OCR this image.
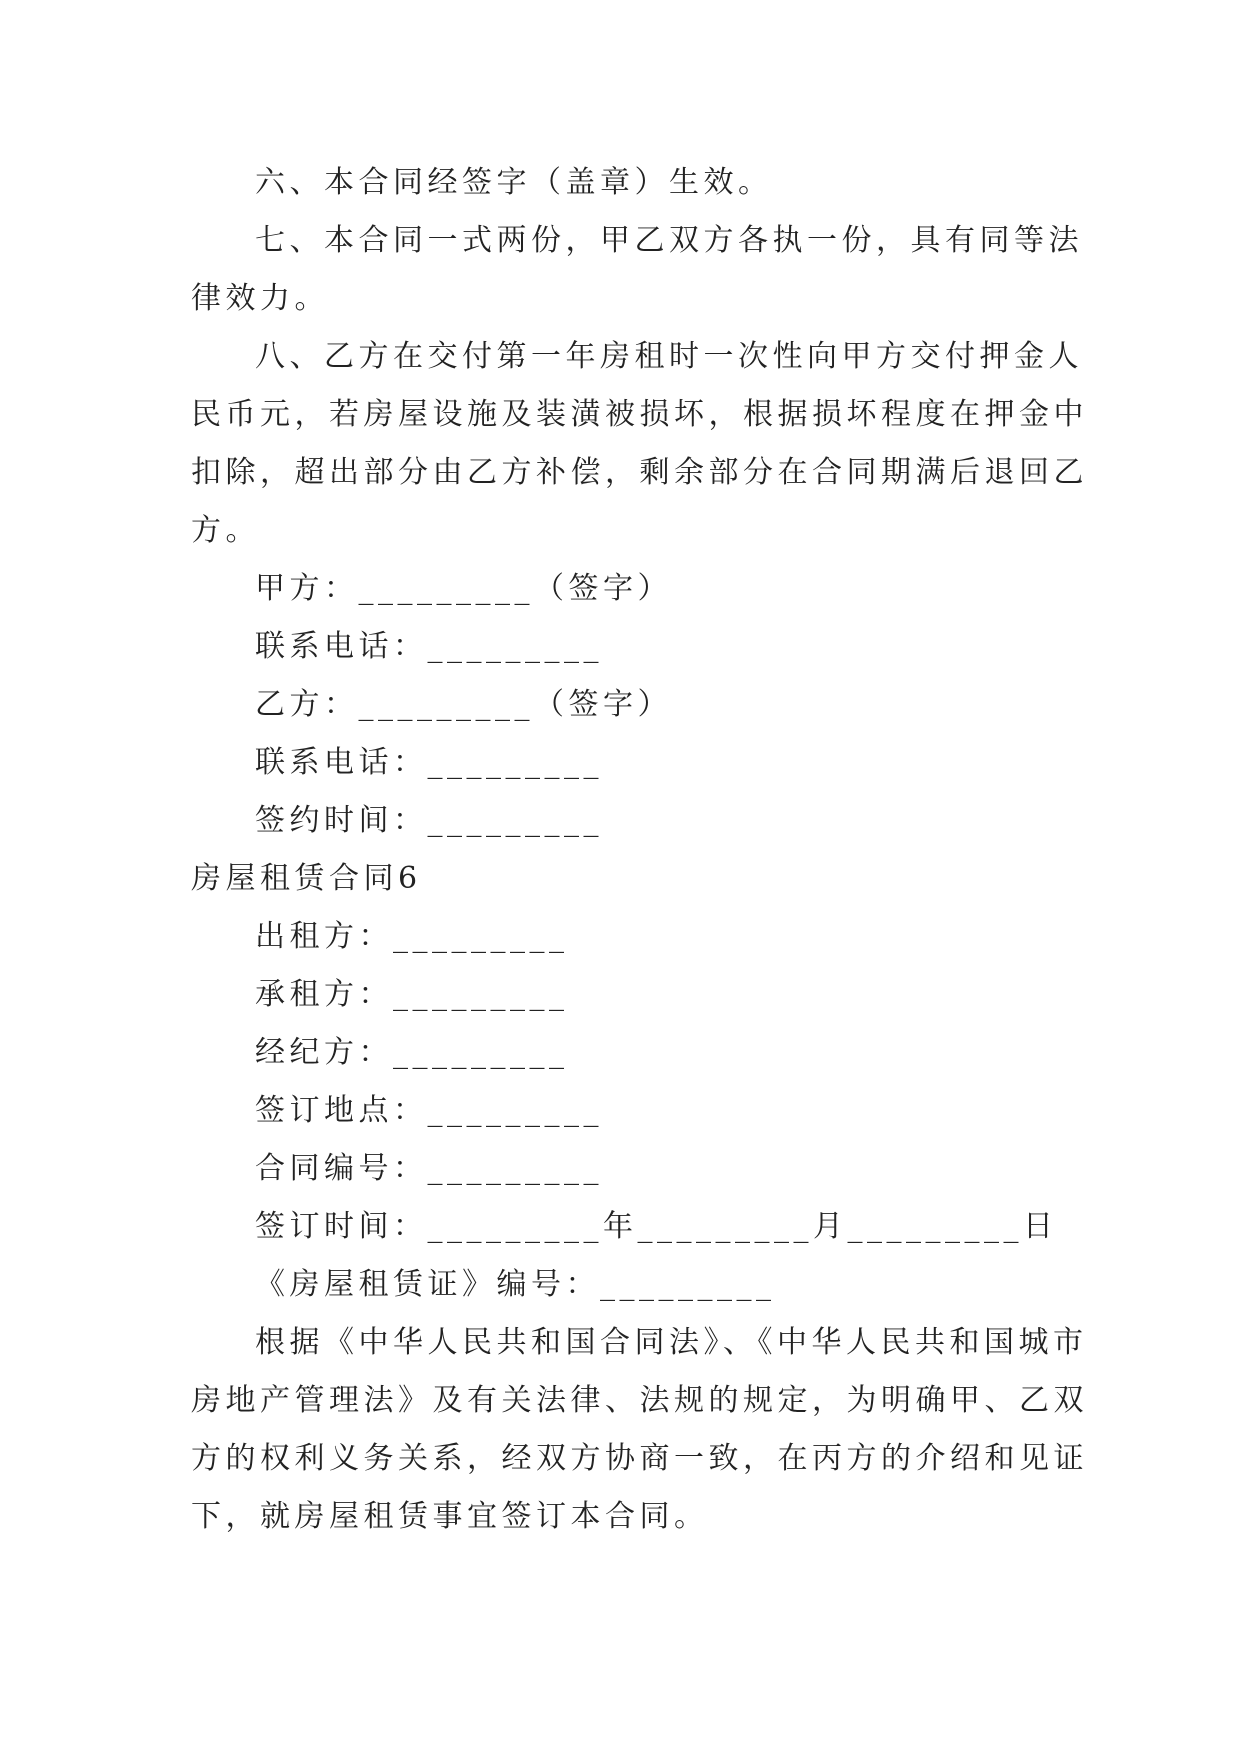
六、本合同经签字（盖章）生效。
七、本合同一式两份，甲乙双方各执一份，具有同等法
律效力。
八、乙方在交付第一年房租时一次性向甲方交付押金人
民币元，若房屋设施及装潢被损坏，根据损坏程度在押金中
扣除，超出部分由乙方补偿，剩余部分在合同期满后退回乙
方。
甲方：_________（签字）
联系电话：_________
乙方：_________（签字）
联系电话：_________
签约时间：_________
房屋租赁合同6
出租方：_________
承租方：_________
经纪方：_________
签订地点：_________
合同编号：_________
签订时间：_________年_________月_________日
《房屋租赁证》编号：_________
根据《中华人民共和国合同法》、《中华人民共和国城市
房地产管理法》及有关法律、法规的规定，为明确甲、乙双
方的权利义务关系，经双方协商一致，在丙方的介绍和见证
下，就房屋租赁事宜签订本合同。
